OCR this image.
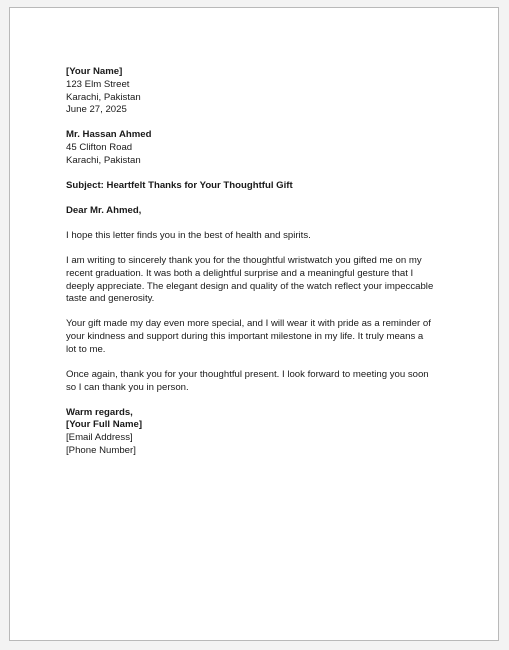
[Your Name]

123 Elm Street

Karachi, Pakistan

June 27, 2025

Mr. Hassan Ahmed

45 Clifton Road

Karachi, Pakistan

Subject: Heartfelt Thanks for Your Thoughtful Gift

Dear Mr. Ahmed,

I hope this letter finds you in the best of health and spirits.

I am writing to sincerely thank you for the thoughtful wristwatch you gifted me on my

recent graduation. It was both a delightful surprise and a meaningful gesture that I

deeply appreciate. The elegant design and quality of the watch reflect your impeccable

taste and generosity.

Your gift made my day even more special, and I will wear it with pride as a reminder of

your kindness and support during this important milestone in my life. It truly means a

lot to me.

Once again, thank you for your thoughtful present. I look forward to meeting you soon

so I can thank you in person.

Warm regards,

[Your Full Name]

[Email Address]

[Phone Number]
